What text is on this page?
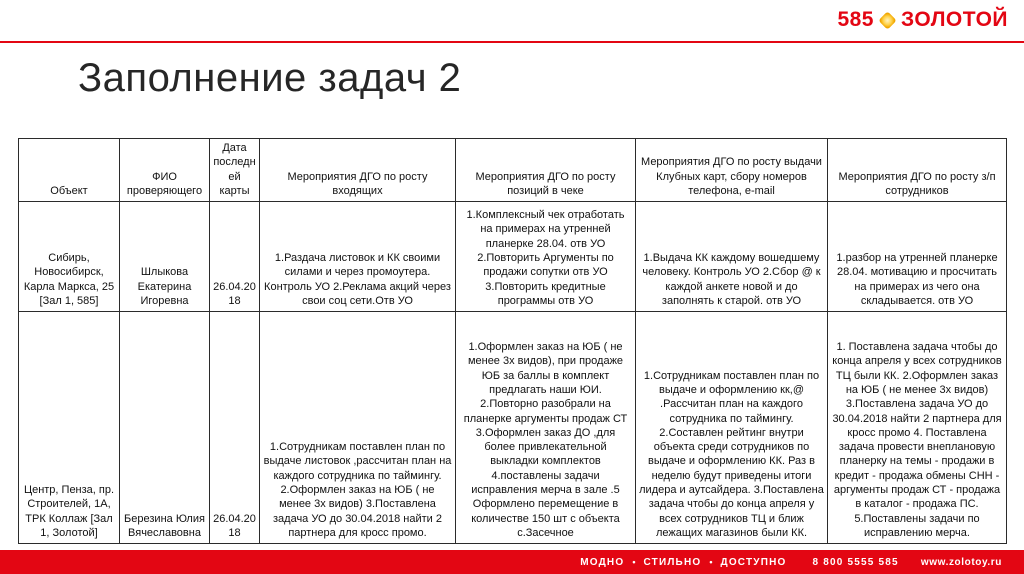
585 ЗОЛОТОЙ
Заполнение задач 2
Объект	ФИО проверяющего	Дата последней карты	Мероприятия ДГО по росту входящих	Мероприятия ДГО по росту позиций в чеке	Мероприятия ДГО по росту выдачи Клубных карт, сбору номеров телефона, e-mail	Мероприятия ДГО по росту з/п сотрудников
Сибирь, Новосибирск, Карла Маркса, 25 [Зал 1, 585]	Шлыкова Екатерина Игоревна	26.04.2018	1.Раздача листовок и КК своими силами и через промоутера. Контроль УО 2.Реклама акций через свои соц сети.Отв УО	1.Комплексный чек отработать на примерах на утренней планерке 28.04. отв УО 2.Повторить Аргументы по продажи сопутки отв УО 3.Повторить кредитные программы отв УО	1.Выдача КК каждому вошедшему человеку. Контроль УО 2.Сбор @ к каждой анкете новой и до заполнять к старой. отв УО	1.разбор на утренней планерке 28.04. мотивацию и просчитать на примерах из чего она складывается. отв УО
Центр, Пенза, пр. Строителей, 1А, ТРК Коллаж [Зал 1, Золотой]	Березина Юлия Вячеславовна	26.04.2018	1.Сотрудникам поставлен план по выдаче листовок ,рассчитан план на каждого сотрудника по таймингу. 2.Оформлен заказ на ЮБ ( не менее 3х видов) 3.Поставлена задача УО до 30.04.2018 найти 2 партнера для кросс промо.	1.Оформлен заказ на ЮБ ( не менее 3х видов), при продаже ЮБ за баллы в комплект предлагать наши ЮИ. 2.Повторно разобрали на планерке аргументы продаж СТ 3.Оформлен заказ ДО ,для более привлекательной выкладки комплектов 4.поставлены задачи исправления мерча в зале .5 Оформлено перемещение в количестве 150 шт с объекта с.Засечное	1.Сотрудникам поставлен план по выдаче и оформлению кк,@ .Рассчитан план на каждого сотрудника по таймингу. 2.Составлен рейтинг внутри объекта среди сотрудников по выдаче и оформлению КК. Раз в неделю будут приведены итоги лидера и аутсайдера. 3.Поставлена задача чтобы до конца апреля у всех сотрудников ТЦ и ближ лежащих магазинов были КК.	1. Поставлена задача чтобы до конца апреля у всех сотрудников ТЦ были КК. 2.Оформлен заказ на ЮБ ( не менее 3х видов) 3.Поставлена задача УО до 30.04.2018 найти 2 партнера для кросс промо 4. Поставлена задача провести внеплановую планерку на темы - продажи в кредит - продажа обмены СНН - аргументы продаж СТ - продажа в каталог - продажа ПС. 5.Поставлены задачи по исправлению мерча.
МОДНО • СТИЛЬНО • ДОСТУПНО	8 800 5555 585 www.zolotoy.ru
